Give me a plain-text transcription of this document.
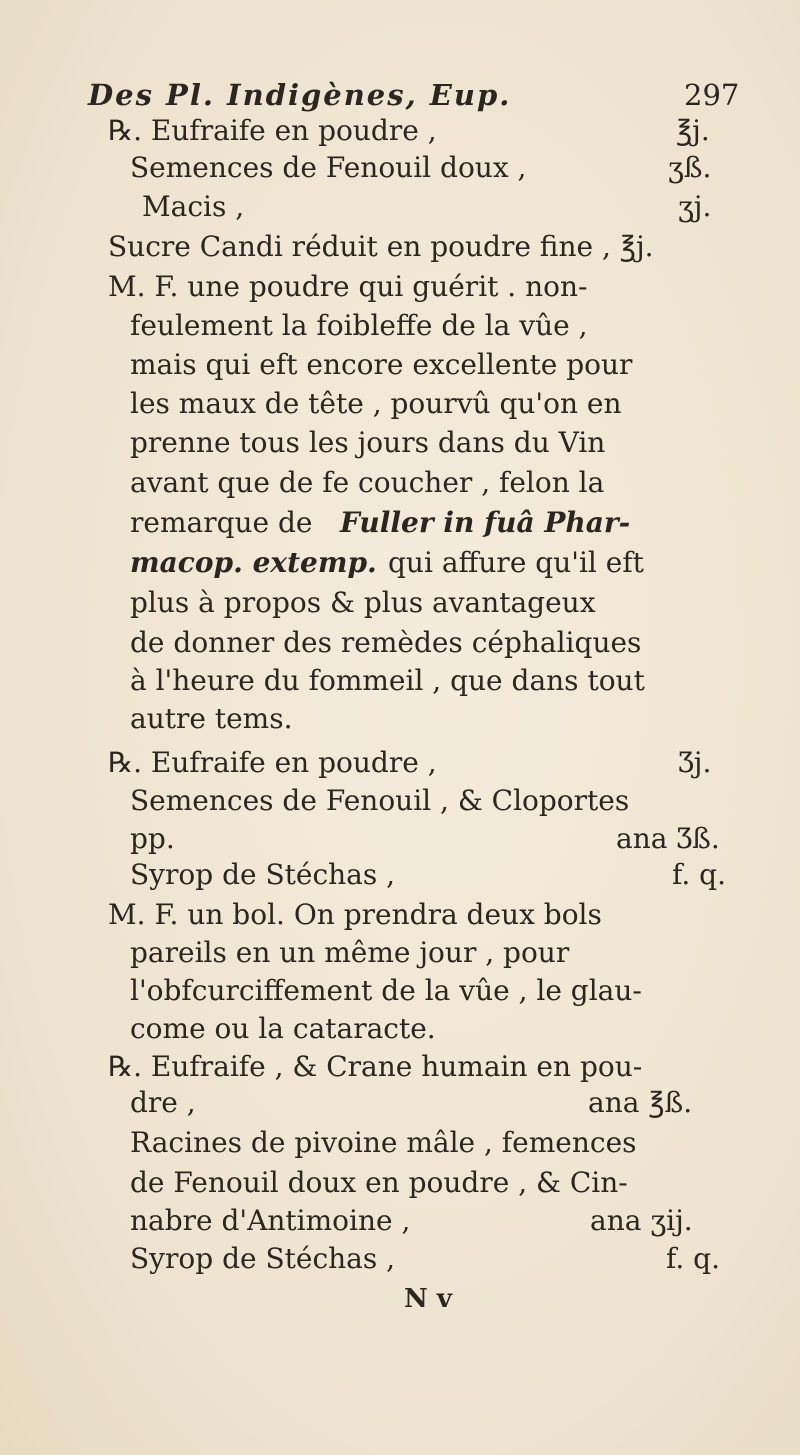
Des Pl. Indigènes, Eup.	297
℞. Eufraife en poudre ,	℥j.
Semences de Fenouil doux ,	ʒß.
Macis ,	ʒj.
Sucre Candi réduit en poudre fine , ℥j.
M. F. une poudre qui guérit . non-
feulement la foibleffe de la vûe ,
mais qui eft encore excellente pour
les maux de tête , pourvû qu'on en
prenne tous les jours dans du Vin
avant que de fe coucher , felon la
remarque de Fuller in fuâ Phar-
macop. extemp. qui affure qu'il eft
plus à propos & plus avantageux
de donner des remèdes céphaliques
à l'heure du fommeil , que dans tout
autre tems.
℞. Eufraife en poudre ,	Ʒj.
Semences de Fenouil , & Cloportes
pp.	ana Ʒß.
Syrop de Stéchas ,	f. q.
M. F. un bol. On prendra deux bols
pareils en un même jour , pour
l'obfcurciffement de la vûe , le glau-
come ou la cataracte.
℞. Eufraife , & Crane humain en pou-
dre ,	ana ℥ß.
Racines de pivoine mâle , femences
de Fenouil doux en poudre , & Cin-
nabre d'Antimoine ,	ana ʒij.
Syrop de Stéchas ,	f. q.
N v
